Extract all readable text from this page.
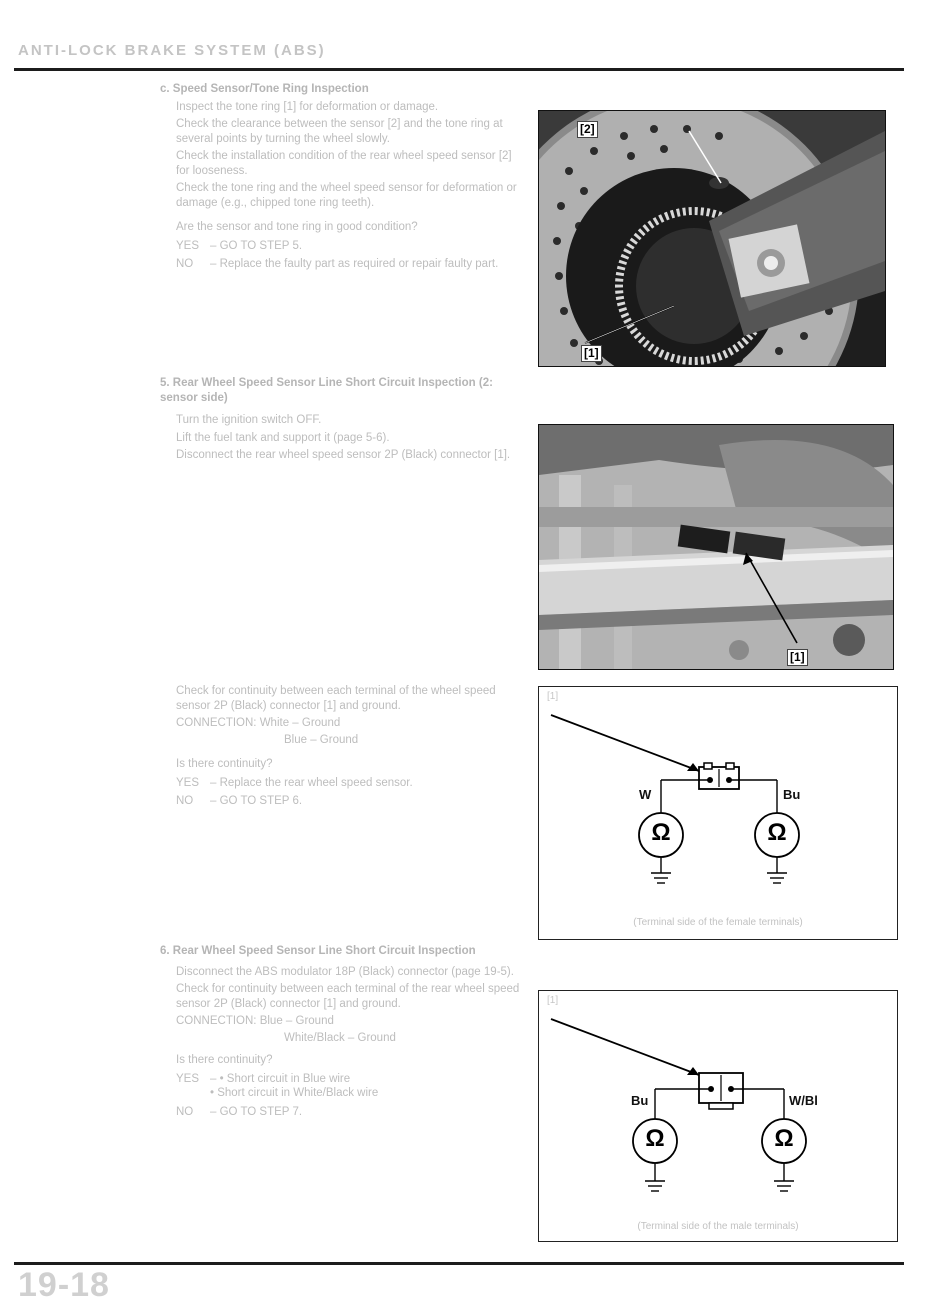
ANTI-LOCK BRAKE SYSTEM (ABS)

c. Speed Sensor/Tone Ring Inspection

Inspect the tone ring [1] for deformation or damage.

Check the clearance between the sensor [2] and the tone ring at several points by turning the wheel slowly.

Check the installation condition of the rear wheel speed sensor [2] for looseness.

Check the tone ring and the wheel speed sensor for deformation or damage (e.g., chipped tone ring teeth).

Are the sensor and tone ring in good condition?

YES – GO TO STEP 5.
NO	– Replace the faulty part as required or repair faulty part.

5. Rear Wheel Speed Sensor Line Short Circuit Inspection (2: sensor side)

Turn the ignition switch OFF.

Lift the fuel tank and support it (page 5-6).

Disconnect the rear wheel speed sensor 2P (Black) connector [1].

Check for continuity between each terminal of the wheel speed sensor 2P (Black) connector [1] and ground.

CONNECTION: White – Ground
Blue – Ground

Is there continuity?

YES – Replace the rear wheel speed sensor.
NO	– GO TO STEP 6.

6. Rear Wheel Speed Sensor Line Short Circuit Inspection

Disconnect the ABS modulator 18P (Black) connector (page 19-5).

Check for continuity between each terminal of the rear wheel speed sensor 2P (Black) connector [1] and ground.

CONNECTION: Blue – Ground
White/Black – Ground

Is there continuity?

YES – • Short circuit in Blue wire
• Short circuit in White/Black wire
NO	– GO TO STEP 7.
[2]
[1]
[1]
[1]
Ω	Ω
W	Bu
(Terminal side of the female terminals)
[1]
Ω	Ω
Bu	W/Bl
(Terminal side of the male terminals)
19-18
